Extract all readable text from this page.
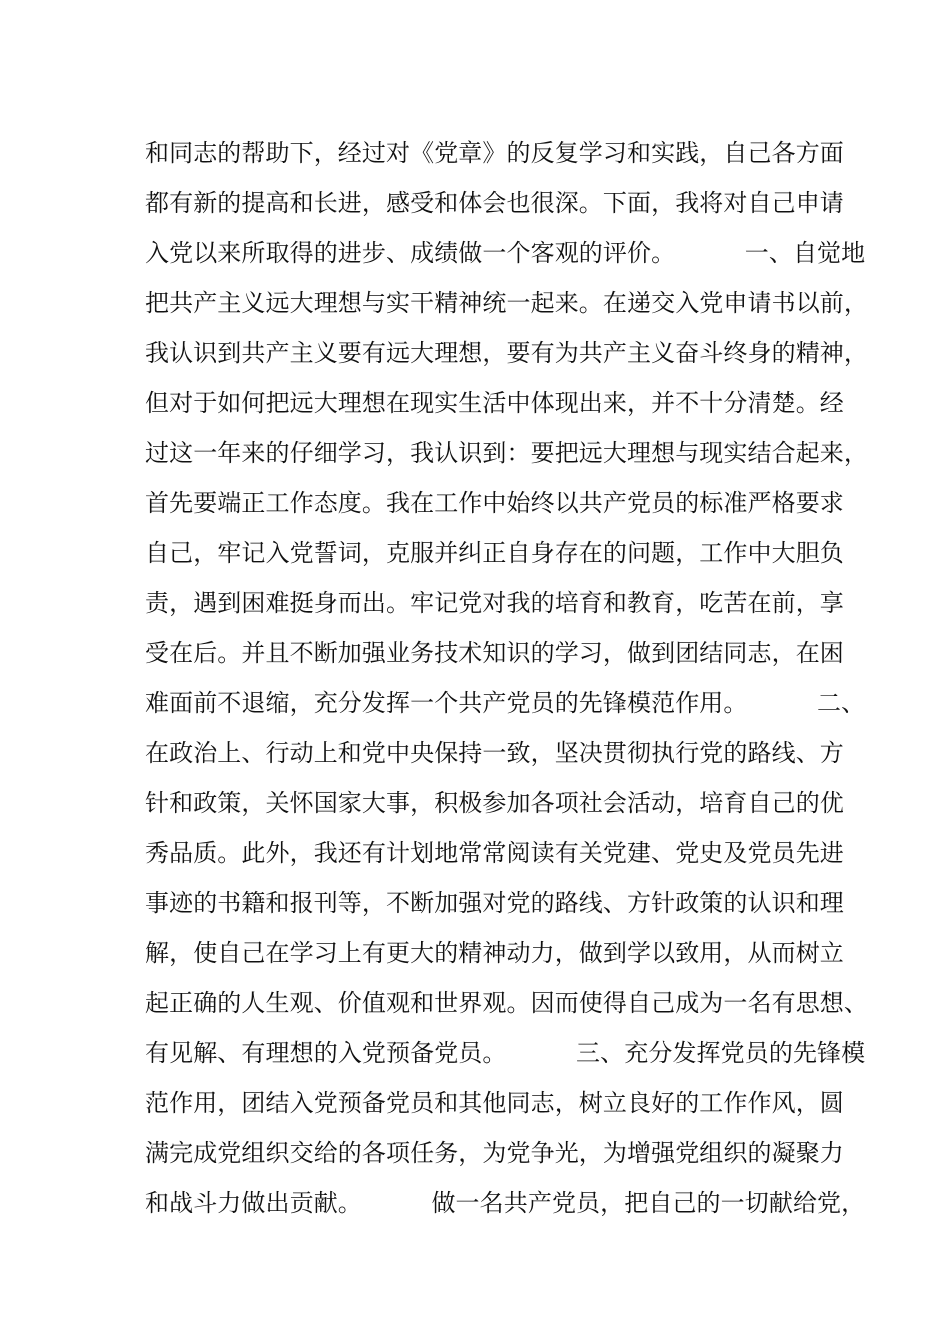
和同志的帮助下，经过对《党章》的反复学习和实践，自己各方面
都有新的提高和长进，感受和体会也很深。下面，我将对自己申请
入党以来所取得的进步、成绩做一个客观的评价。         一、自觉地
把共产主义远大理想与实干精神统一起来。在递交入党申请书以前，
我认识到共产主义要有远大理想，要有为共产主义奋斗终身的精神，
但对于如何把远大理想在现实生活中体现出来，并不十分清楚。经
过这一年来的仔细学习，我认识到：要把远大理想与现实结合起来，
首先要端正工作态度。我在工作中始终以共产党员的标准严格要求
自己，牢记入党誓词，克服并纠正自身存在的问题，工作中大胆负
责，遇到困难挺身而出。牢记党对我的培育和教育，吃苦在前，享
受在后。并且不断加强业务技术知识的学习，做到团结同志，在困
难面前不退缩，充分发挥一个共产党员的先锋模范作用。         二、
在政治上、行动上和党中央保持一致，坚决贯彻执行党的路线、方
针和政策，关怀国家大事，积极参加各项社会活动，培育自己的优
秀品质。此外，我还有计划地常常阅读有关党建、党史及党员先进
事迹的书籍和报刊等，不断加强对党的路线、方针政策的认识和理
解，使自己在学习上有更大的精神动力，做到学以致用，从而树立
起正确的人生观、价值观和世界观。因而使得自己成为一名有思想、
有见解、有理想的入党预备党员。         三、充分发挥党员的先锋模
范作用，团结入党预备党员和其他同志，树立良好的工作作风，圆
满完成党组织交给的各项任务，为党争光，为增强党组织的凝聚力
和战斗力做出贡献。         做一名共产党员，把自己的一切献给党，
